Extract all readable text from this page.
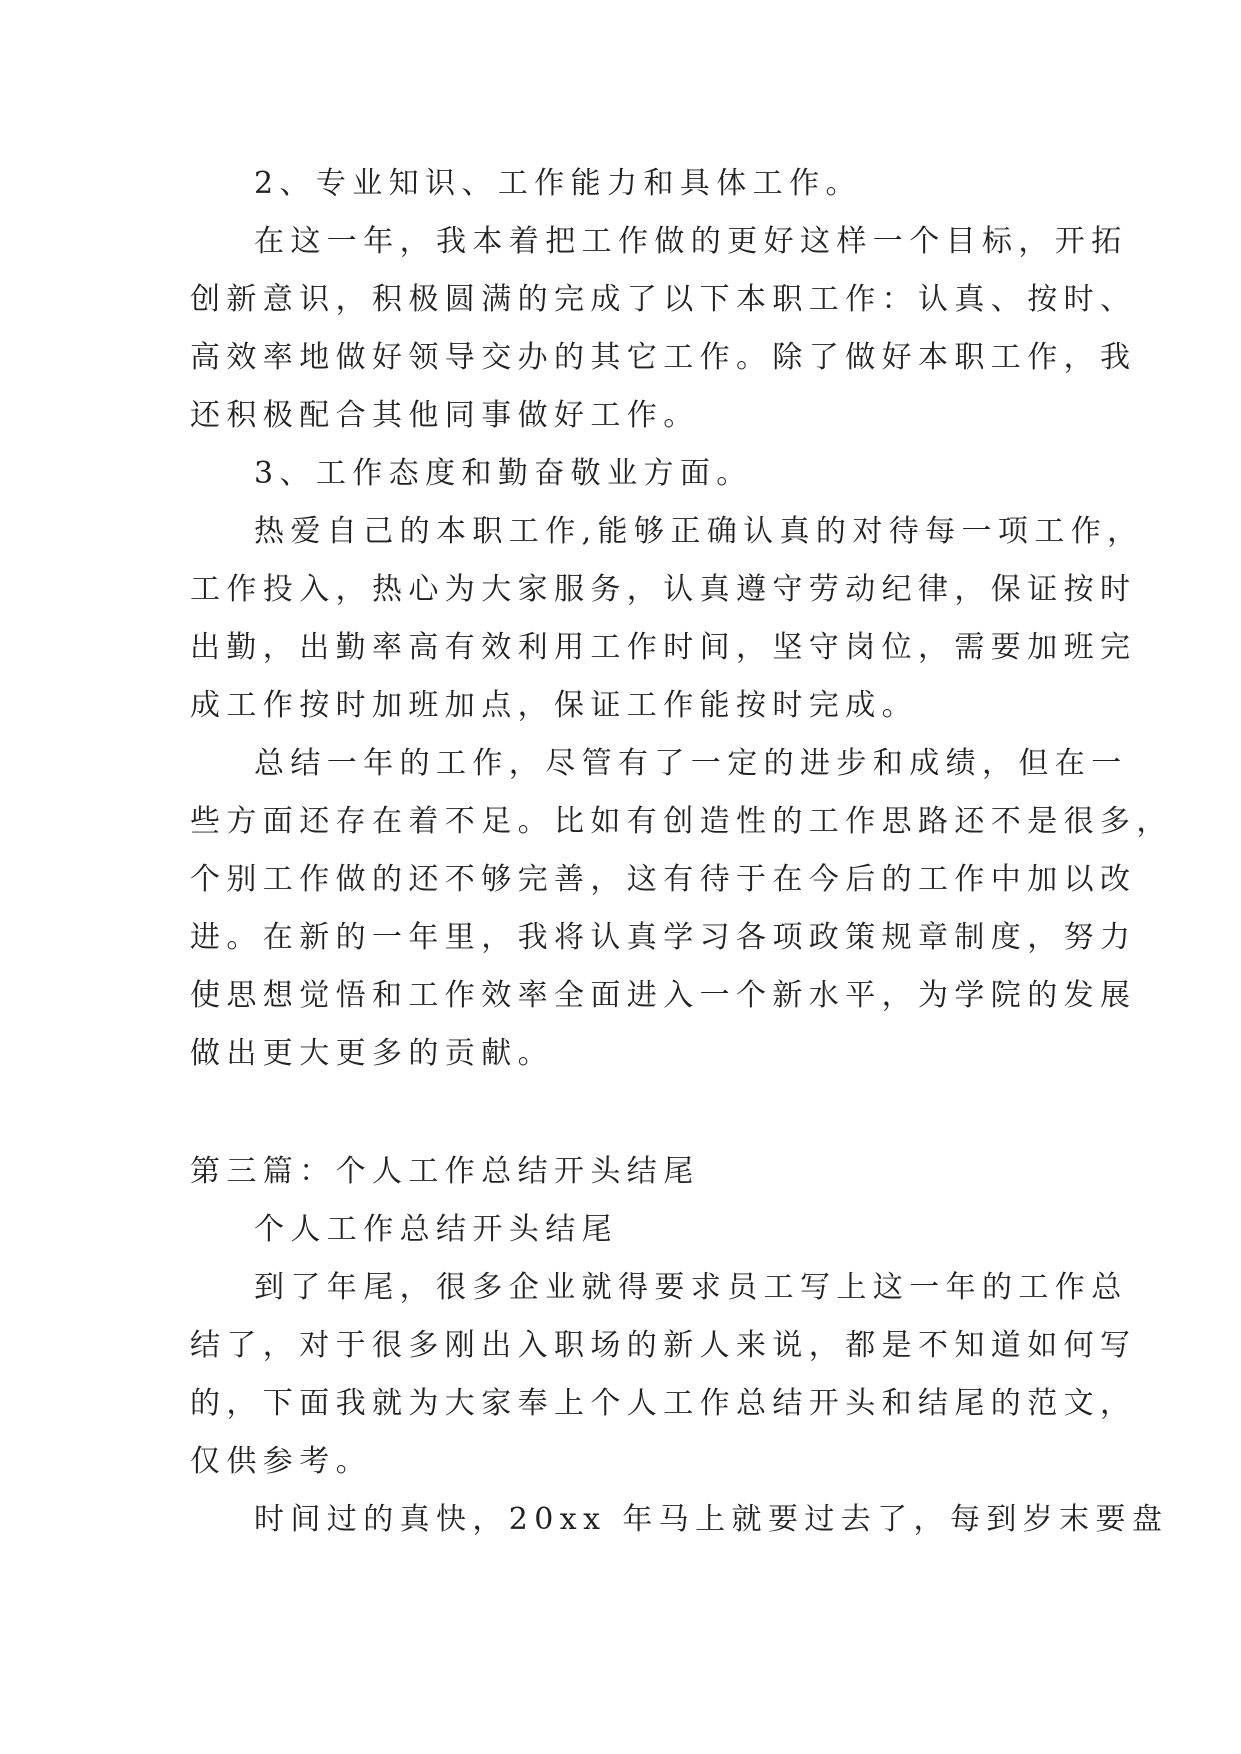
2、专业知识、工作能力和具体工作。
在这一年，我本着把工作做的更好这样一个目标，开拓
创新意识，积极圆满的完成了以下本职工作：认真、按时、
高效率地做好领导交办的其它工作。除了做好本职工作，我
还积极配合其他同事做好工作。
3、工作态度和勤奋敬业方面。
热爱自己的本职工作,能够正确认真的对待每一项工作，
工作投入，热心为大家服务，认真遵守劳动纪律，保证按时
出勤，出勤率高有效利用工作时间，坚守岗位，需要加班完
成工作按时加班加点，保证工作能按时完成。
总结一年的工作，尽管有了一定的进步和成绩，但在一
些方面还存在着不足。比如有创造性的工作思路还不是很多，
个别工作做的还不够完善，这有待于在今后的工作中加以改
进。在新的一年里，我将认真学习各项政策规章制度，努力
使思想觉悟和工作效率全面进入一个新水平，为学院的发展
做出更大更多的贡献。
第三篇：个人工作总结开头结尾
个人工作总结开头结尾
到了年尾，很多企业就得要求员工写上这一年的工作总
结了，对于很多刚出入职场的新人来说，都是不知道如何写
的，下面我就为大家奉上个人工作总结开头和结尾的范文，
仅供参考。
时间过的真快，20xx 年马上就要过去了，每到岁末要盘
